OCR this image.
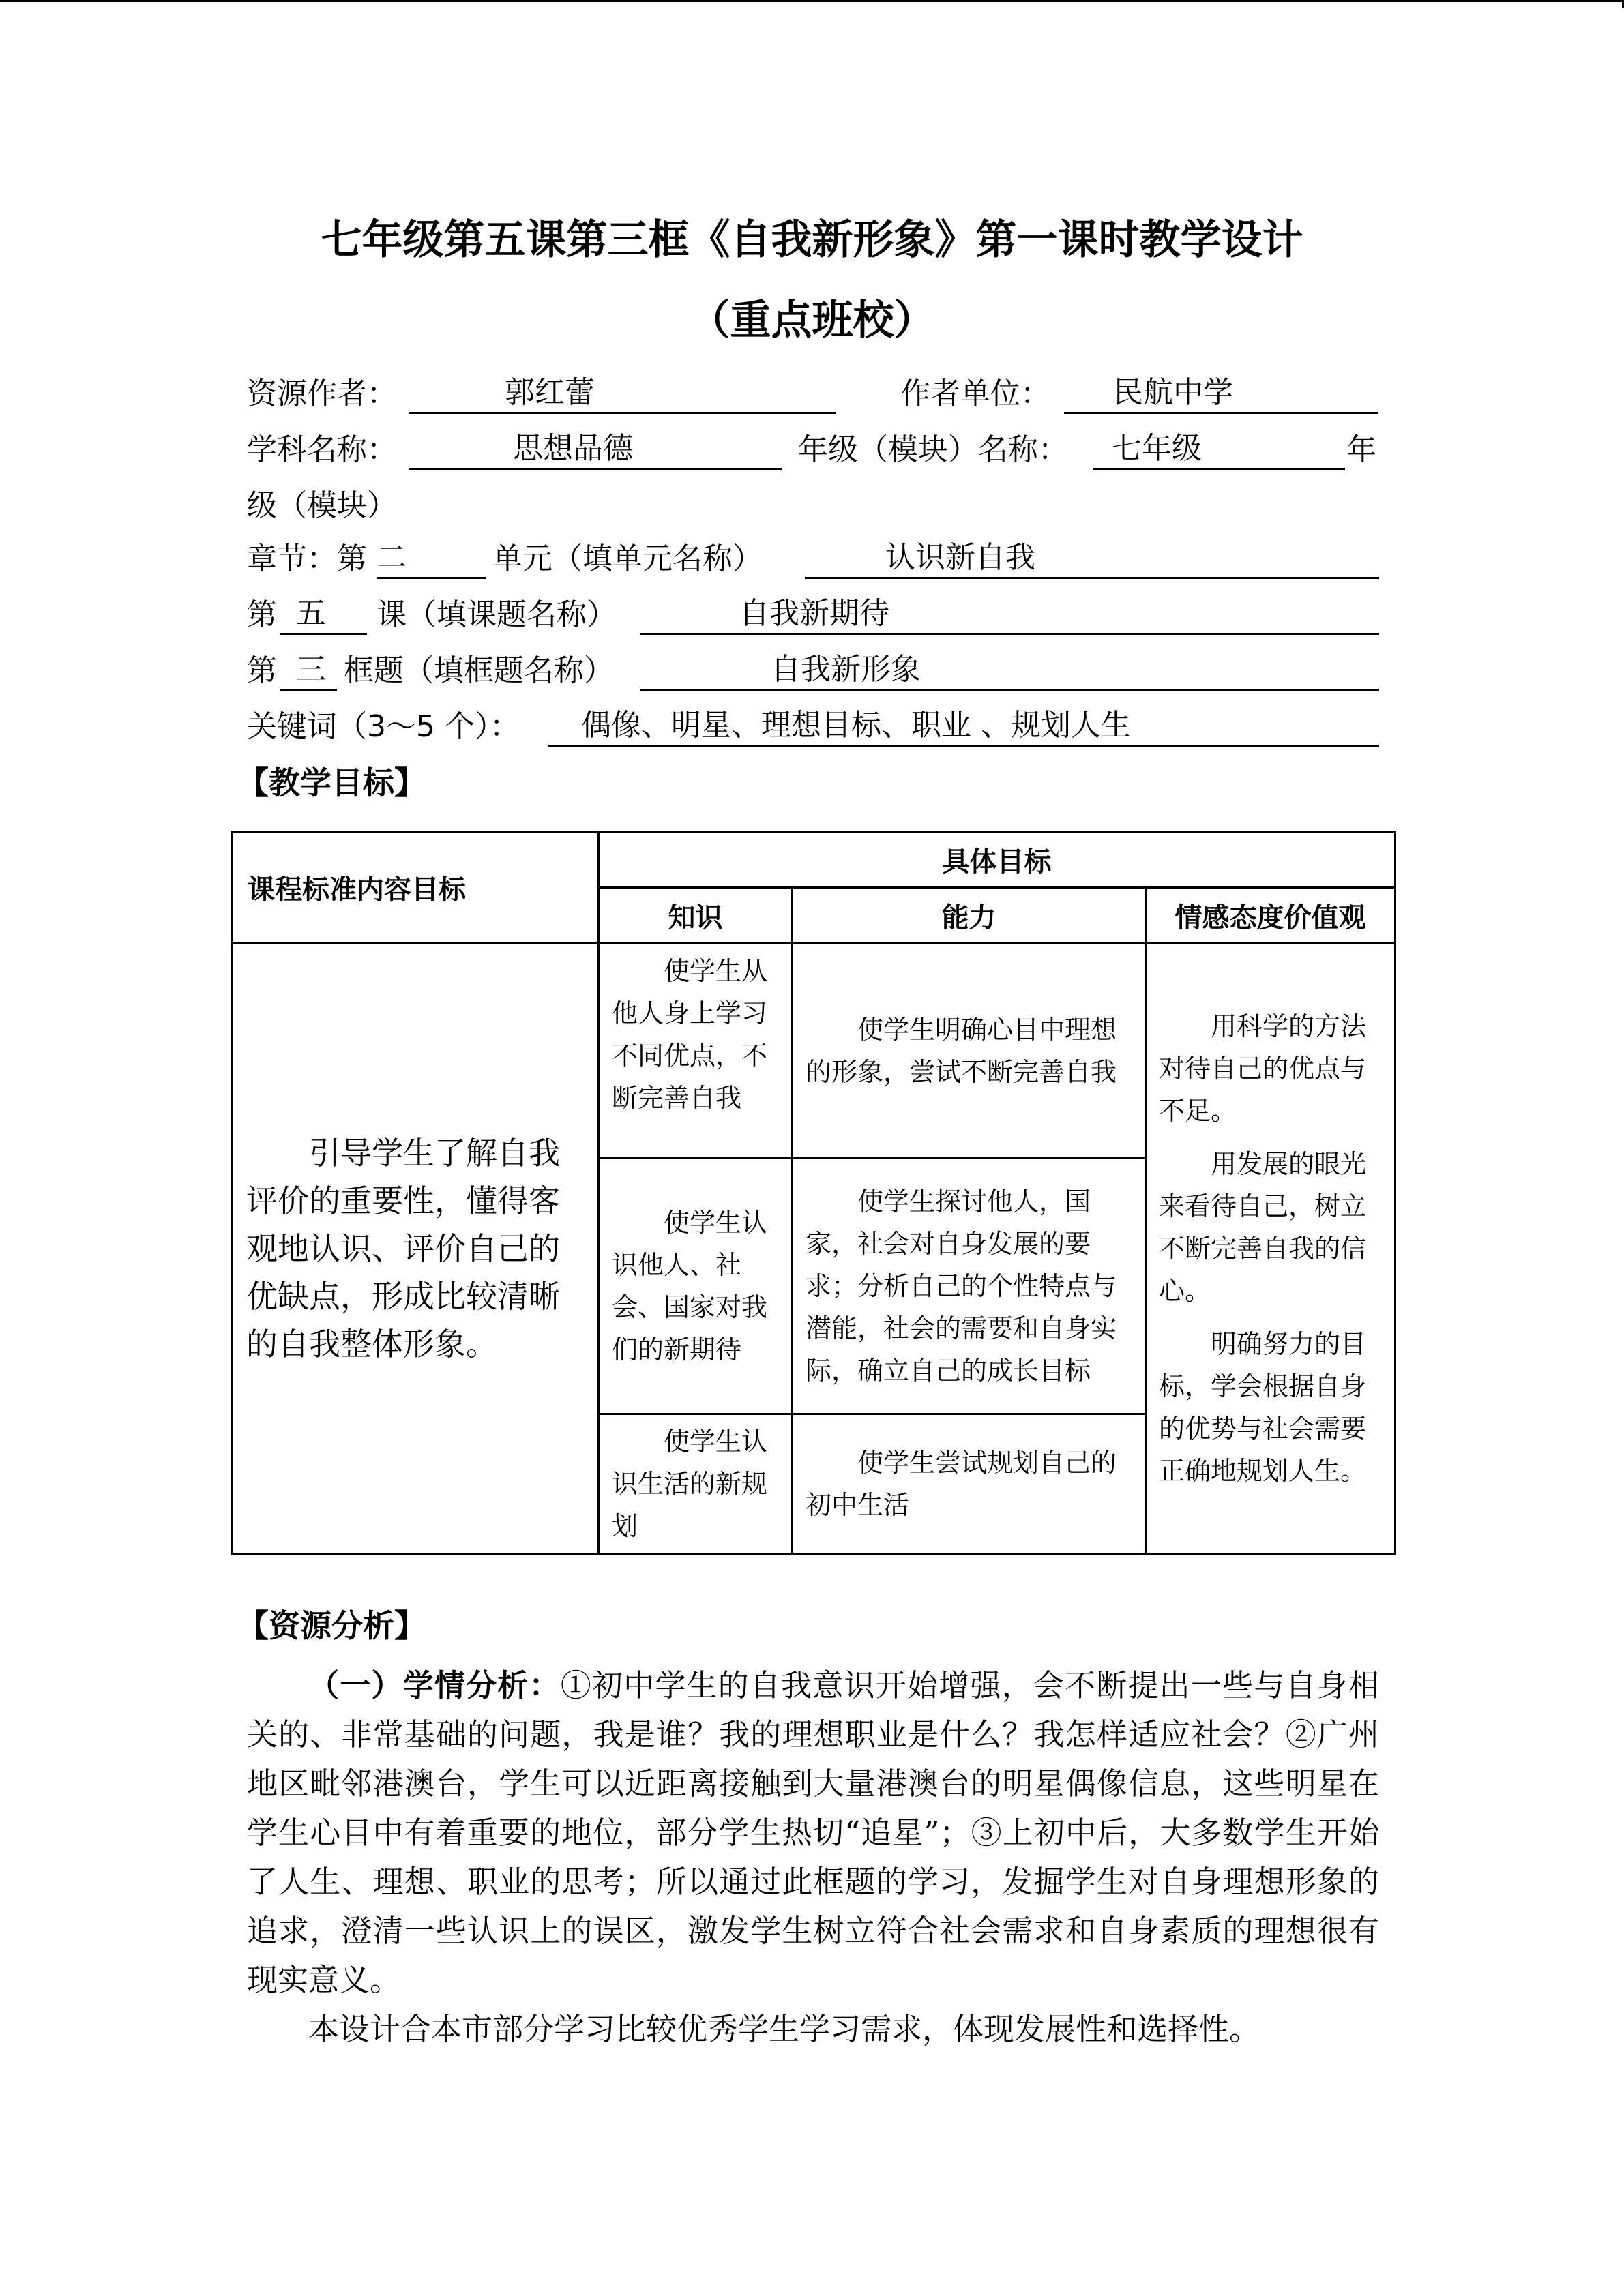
七年级第五课第三框《自我新形象》第一课时教学设计
（重点班校）
资源作者：	郭红蕾	作者单位： 民航中学
学科名称：	思想品德	年级（模块）名称： 七年级	年
级（模块）
章节：第 二	单元（填单元名称）	认识新自我
第 五 课（填课题名称）	自我新期待
第 三 框题（填框题名称）	自我新形象
关键词（3～5 个）： 偶像、明星、理想目标、职业 、规划人生
【教学目标】
课程标准内容目标	具体目标		
	知识	能力	情感态度价值观

引导学生了解自我评价的重要性，懂得客观地认识、评价自己的优缺点，形成比较清晰的自我整体形象。	使学生从他人身上学习不同优点，不断完善自我	使学生明确心目中理想的形象，尝试不断完善自我	用科学的方法对待自己的优点与不足。
用发展的眼光来看待自己，树立不断完善自我的信心。
明确努力的目标，学会根据自身的优势与社会需要正确地规划人生。

	使学生认识他人、社会、国家对我们的新期待	使学生探讨他人，国家，社会对自身发展的要求；分析自己的个性特点与潜能，社会的需要和自身实际，确立自己的成长目标	

	使学生认识生活的新规划	使学生尝试规划自己的初中生活	
【资源分析】

（一）学情分析：①初中学生的自我意识开始增强，会不断提出一些与自身相关的、非常基础的问题，我是谁？我的理想职业是什么？我怎样适应社会？②广州地区毗邻港澳台，学生可以近距离接触到大量港澳台的明星偶像信息，这些明星在学生心目中有着重要的地位，部分学生热切“追星”；③上初中后，大多数学生开始了人生、理想、职业的思考；所以通过此框题的学习，发掘学生对自身理想形象的追求，澄清一些认识上的误区，激发学生树立符合社会需求和自身素质的理想很有现实意义。

本设计合本市部分学习比较优秀学生学习需求，体现发展性和选择性。
